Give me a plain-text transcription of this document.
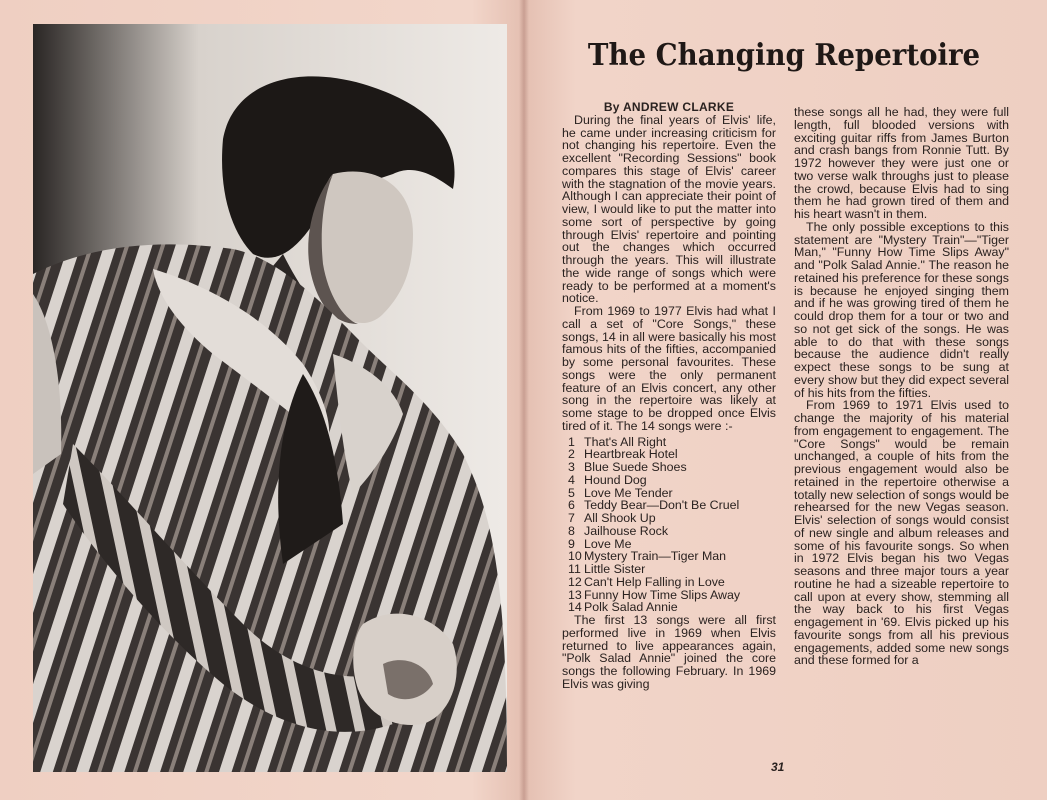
The Changing Repertoire

By ANDREW CLARKE

During the final years of Elvis' life, he came under increasing criticism for not changing his repertoire. Even the excellent "Recording Sessions" book compares this stage of Elvis' career with the stagnation of the movie years. Although I can appreciate their point of view, I would like to put the matter into some sort of perspective by going through Elvis' repertoire and pointing out the changes which occurred through the years. This will illustrate the wide range of songs which were ready to be performed at a moment's notice.

From 1969 to 1977 Elvis had what I call a set of "Core Songs," these songs, 14 in all were basically his most famous hits of the fifties, accompanied by some personal favourites. These songs were the only permanent feature of an Elvis concert, any other song in the repertoire was likely at some stage to be dropped once Elvis tired of it. The 14 songs were :-

1 That's All Right
2 Heartbreak Hotel
3 Blue Suede Shoes
4 Hound Dog
5 Love Me Tender
6 Teddy Bear—Don't Be Cruel
7 All Shook Up
8 Jailhouse Rock
9 Love Me
10 Mystery Train—Tiger Man
11 Little Sister
12 Can't Help Falling in Love
13 Funny How Time Slips Away
14 Polk Salad Annie

The first 13 songs were all first performed live in 1969 when Elvis returned to live appearances again, "Polk Salad Annie" joined the core songs the following February. In 1969 Elvis was giving

these songs all he had, they were full length, full blooded versions with exciting guitar riffs from James Burton and crash bangs from Ronnie Tutt. By 1972 however they were just one or two verse walk throughs just to please the crowd, because Elvis had to sing them he had grown tired of them and his heart wasn't in them.

The only possible exceptions to this statement are "Mystery Train"—"Tiger Man," "Funny How Time Slips Away" and "Polk Salad Annie." The reason he retained his preference for these songs is because he enjoyed singing them and if he was growing tired of them he could drop them for a tour or two and so not get sick of the songs. He was able to do that with these songs because the audience didn't really expect these songs to be sung at every show but they did expect several of his hits from the fifties.

From 1969 to 1971 Elvis used to change the majority of his material from engagement to engagement. The "Core Songs" would be remain unchanged, a couple of hits from the previous engagement would also be retained in the repertoire otherwise a totally new selection of songs would be rehearsed for the new Vegas season. Elvis' selection of songs would consist of new single and album releases and some of his favourite songs. So when in 1972 Elvis began his two Vegas seasons and three major tours a year routine he had a sizeable repertoire to call upon at every show, stemming all the way back to his first Vegas engagement in '69. Elvis picked up his favourite songs from all his previous engagements, added some new songs and these formed for a

31
